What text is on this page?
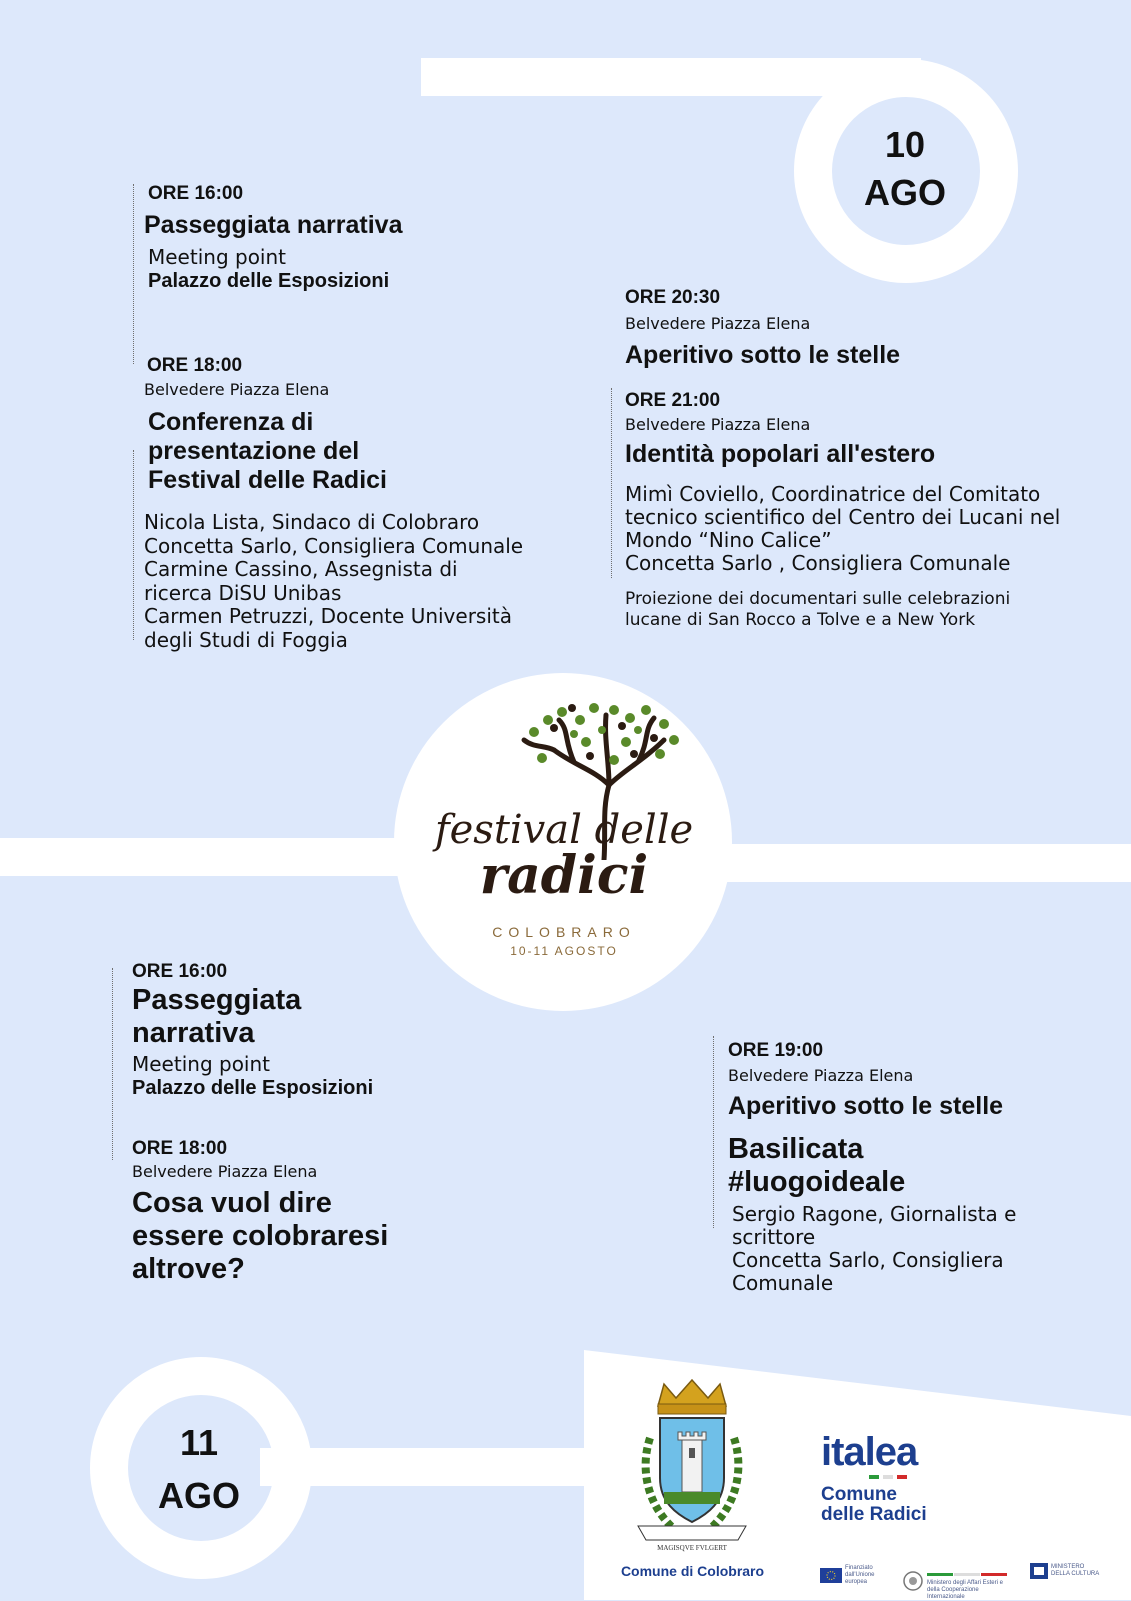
10
AGO
11
AGO
ORE 16:00
Passeggiata narrativa
Meeting point
Palazzo delle Esposizioni
ORE 18:00
Belvedere Piazza Elena
Conferenza di
presentazione del
Festival delle Radici
Nicola Lista, Sindaco di Colobraro
Concetta Sarlo, Consigliera Comunale
Carmine Cassino, Assegnista di
ricerca DiSU Unibas
Carmen Petruzzi, Docente Università
degli Studi di Foggia
ORE 20:30
Belvedere Piazza Elena
Aperitivo sotto le stelle
ORE 21:00
Belvedere Piazza Elena
Identità popolari all'estero
Mimì Coviello, Coordinatrice del Comitato
tecnico scientifico del Centro dei Lucani nel
Mondo “Nino Calice”
Concetta Sarlo , Consigliera Comunale
Proiezione dei documentari sulle celebrazioni
lucane di San Rocco a Tolve e a New York
festival delle
radici
COLOBRARO
10-11 AGOSTO
ORE 16:00
Passeggiata
narrativa
Meeting point
Palazzo delle Esposizioni
ORE 18:00
Belvedere Piazza Elena
Cosa vuol dire
essere colobraresi
altrove?
ORE 19:00
Belvedere Piazza Elena
Aperitivo sotto le stelle
Basilicata
#luogoideale
Sergio Ragone, Giornalista e
scrittore
Concetta Sarlo, Consigliera
Comunale
MAGISQVE FVLGERT
Comune di Colobraro
italea
Comune
delle Radici
Finanziato dall'Unione europea	Ministero degli Affari Esteri e della Cooperazione Internazionale
MINISTERO DELLA CULTURA
